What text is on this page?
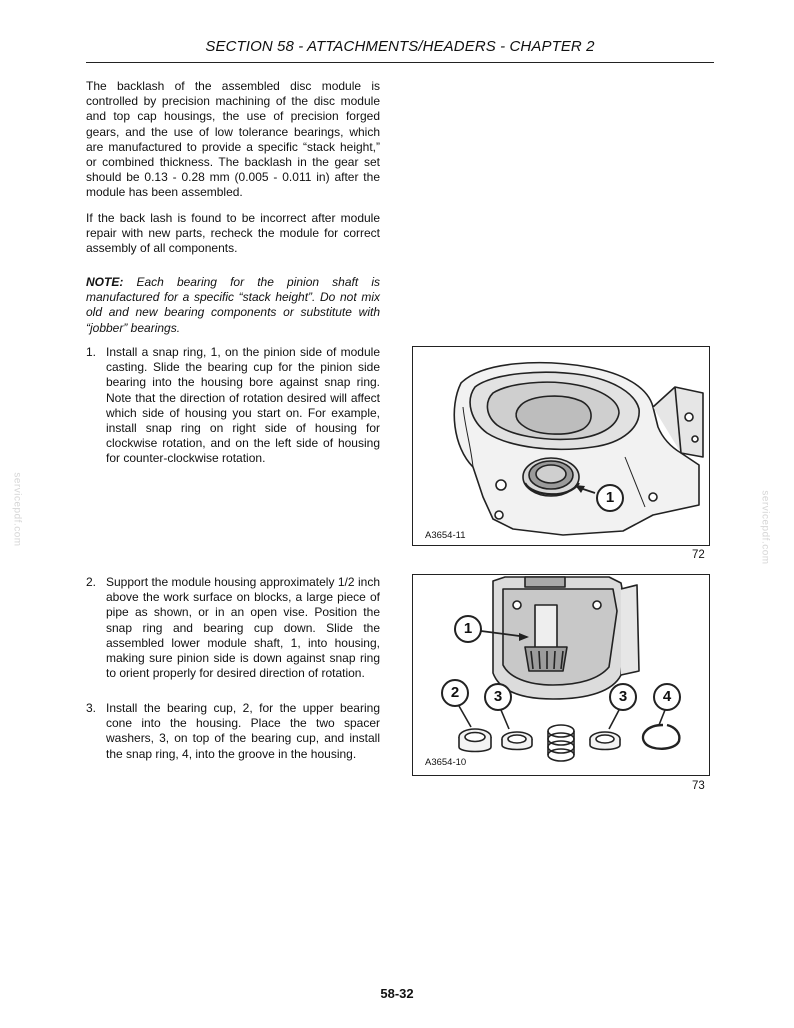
SECTION 58 - ATTACHMENTS/HEADERS - CHAPTER 2
servicepdf.com	servicepdf.com

The backlash of the assembled disc module is controlled by precision machining of the disc module and top cap housings, the use of precision forged gears, and the use of low tolerance bearings, which are manufactured to provide a specific “stack height,” or combined thickness. The backlash in the gear set should be 0.13 - 0.28 mm (0.005 - 0.011 in) after the module has been assembled.

If the back lash is found to be incorrect after module repair with new parts, recheck the module for correct assembly of all components.

NOTE: Each bearing for the pinion shaft is manufactured for a specific “stack height”. Do not mix old and new bearing components or substitute with “jobber” bearings.

1. Install a snap ring, 1, on the pinion side of module casting. Slide the bearing cup for the pinion side bearing into the housing bore against snap ring. Note that the direction of rotation desired will affect which side of housing you start on. For example, install snap ring on right side of housing for clockwise rotation, and on the left side of housing for counter-clockwise rotation.
2. Support the module housing approximately 1/2 inch above the work surface on blocks, a large piece of pipe as shown, or in an open vise. Position the snap ring and bearing cup down. Slide the assembled lower module shaft, 1, into housing, making sure pinion side is down against snap ring to orient properly for desired direction of rotation.
3. Install the bearing cup, 2, for the upper bearing cone into the housing. Place the two spacer washers, 3, on top of the bearing cup, and install the snap ring, 4, into the groove in the housing.
1
A3654-11
72
1
2 3	3 4
A3654-10
73
58-32
